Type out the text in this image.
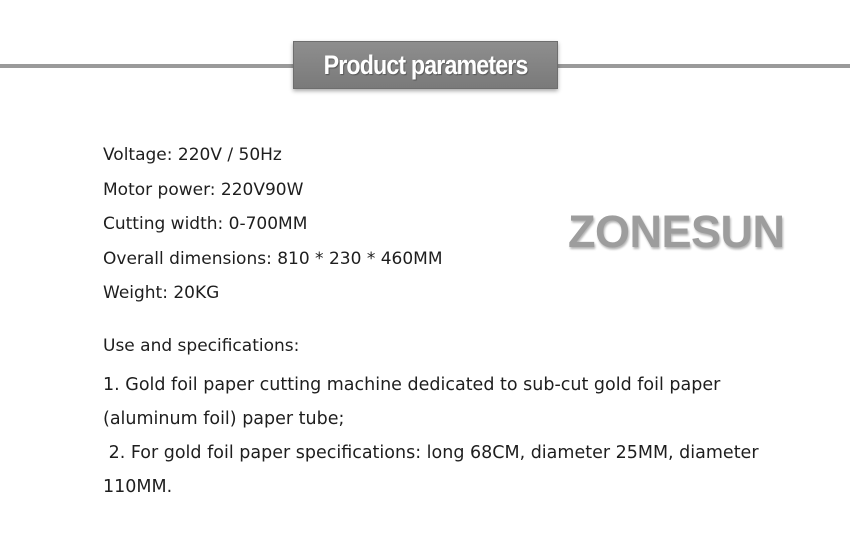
Product parameters
Voltage: 220V / 50Hz
Motor power: 220V90W
Cutting width: 0-700MM
Overall dimensions: 810 * 230 * 460MM
Weight: 20KG
ZONESUN
Use and specifications:

1. Gold foil paper cutting machine dedicated to sub-cut gold foil paper (aluminum foil) paper tube;

2. For gold foil paper specifications: long 68CM, diameter 25MM, diameter 110MM.
